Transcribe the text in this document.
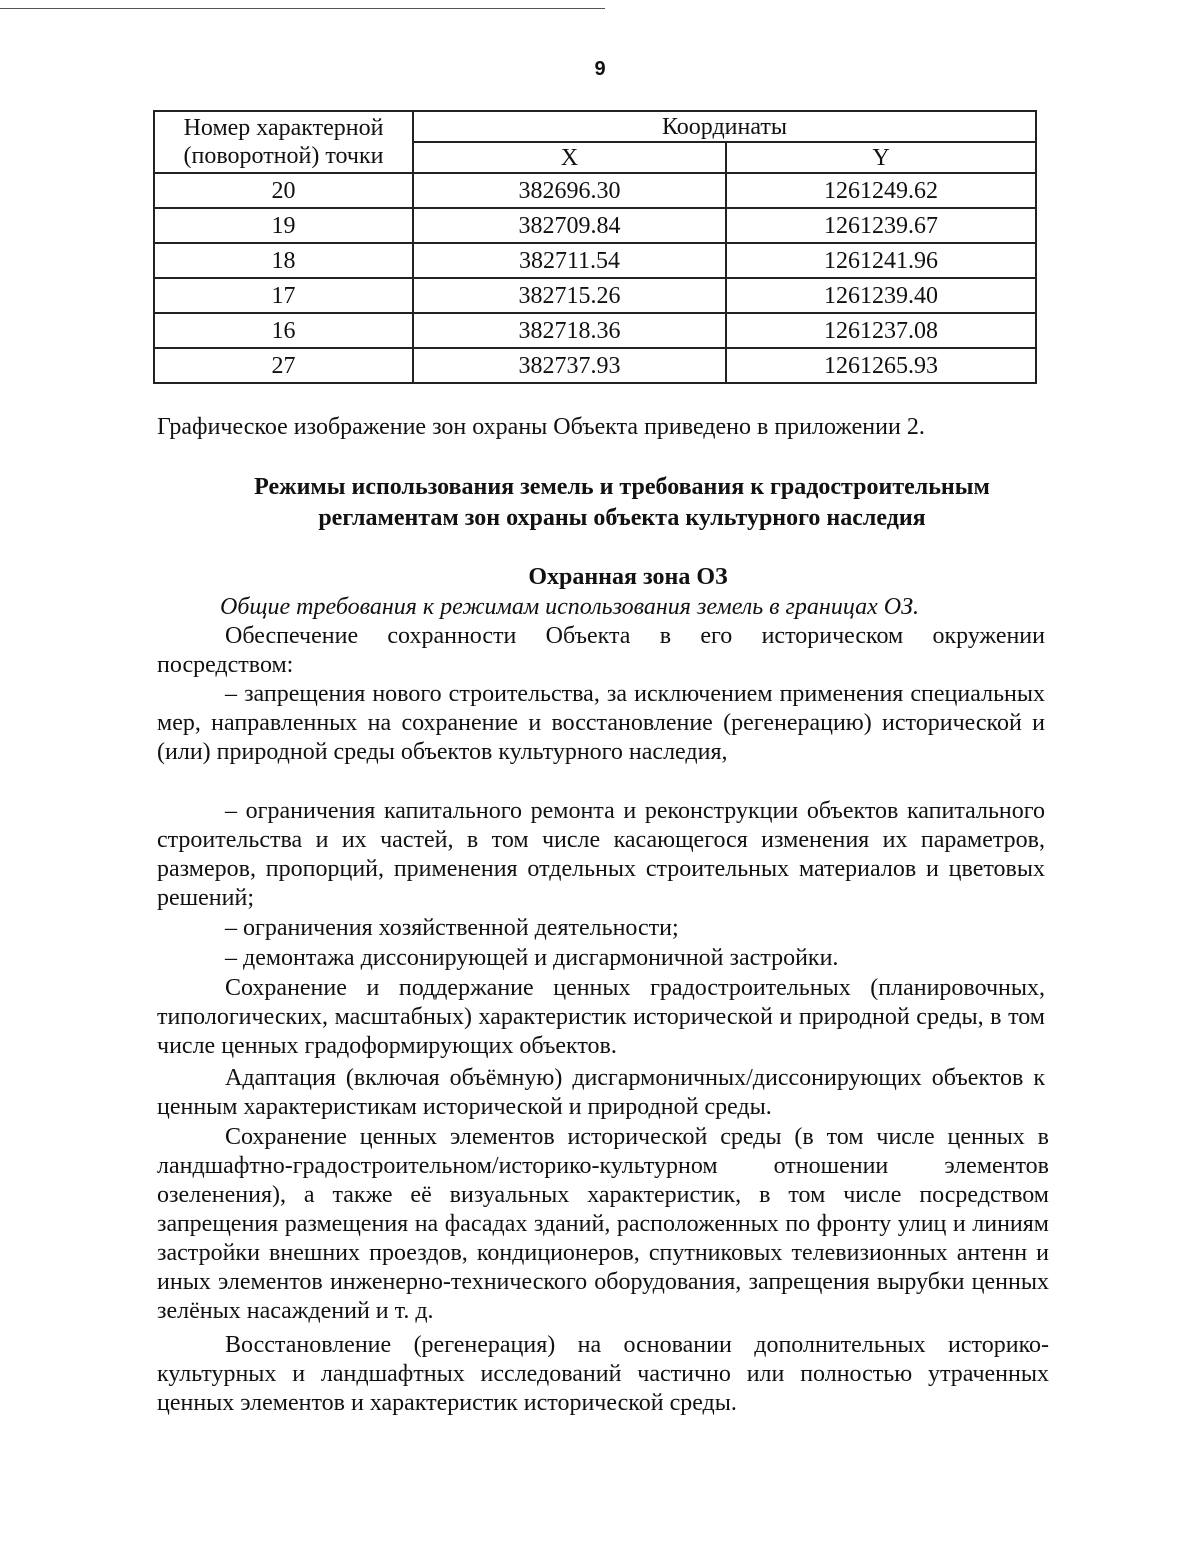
9
Номер характерной (поворотной) точки	Координаты	
	X	Y
20	382696.30	1261249.62
19	382709.84	1261239.67
18	382711.54	1261241.96
17	382715.26	1261239.40
16	382718.36	1261237.08
27	382737.93	1261265.93

Графическое изображение зон охраны Объекта приведено в приложении 2.

Режимы использования земель и требования к градостроительным
регламентам зон охраны объекта культурного наследия
Охранная зона ОЗ

Общие требования к режимам использования земель в границах ОЗ.

Обеспечение сохранности Объекта в его историческом окружении посредством:

– запрещения нового строительства, за исключением применения специальных мер, направленных на сохранение и восстановление (регенерацию) исторической и (или) природной среды объектов культурного наследия,

– ограничения капитального ремонта и реконструкции объектов капитального строительства и их частей, в том числе касающегося изменения их параметров, размеров, пропорций, применения отдельных строительных материалов и цветовых решений;

– ограничения хозяйственной деятельности;

– демонтажа диссонирующей и дисгармоничной застройки.

Сохранение и поддержание ценных градостроительных (планировочных, типологических, масштабных) характеристик исторической и природной среды, в том числе ценных градоформирующих объектов.

Адаптация (включая объёмную) дисгармоничных/диссонирующих объектов к ценным характеристикам исторической и природной среды.

Сохранение ценных элементов исторической среды (в том числе ценных в ландшафтно-градостроительном/историко-культурном отношении элементов озеленения), а также её визуальных характеристик, в том числе посредством запрещения размещения на фасадах зданий, расположенных по фронту улиц и линиям застройки внешних проездов, кондиционеров, спутниковых телевизионных антенн и иных элементов инженерно-технического оборудования, запрещения вырубки ценных зелёных насаждений и т. д.

Восстановление (регенерация) на основании дополнительных историко-культурных и ландшафтных исследований частично или полностью утраченных ценных элементов и характеристик исторической среды.
